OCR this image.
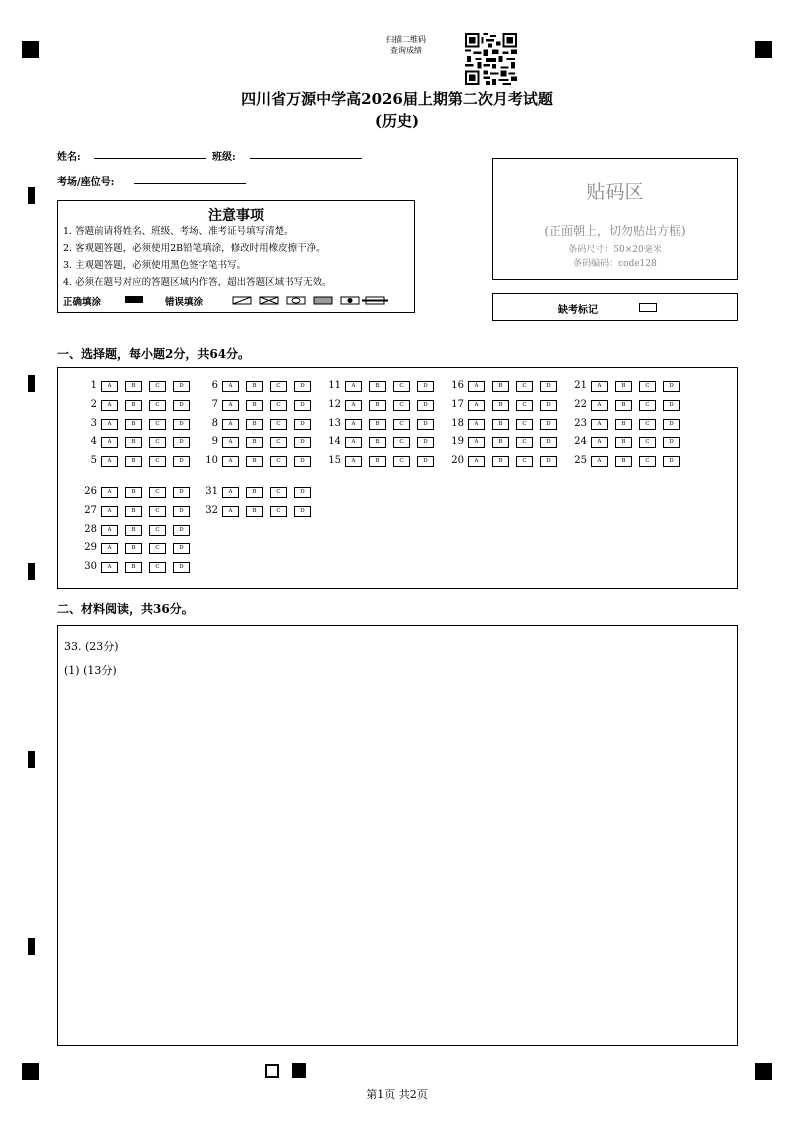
扫描二维码
查询成绩
四川省万源中学高2026届上期第二次月考试题
(历史)
姓名:	班级:
考场/座位号:
注意事项
1. 答题前请将姓名、班级、考场、准考证号填写清楚。
2. 客观题答题，必须使用2B铅笔填涂，修改时用橡皮擦干净。
3. 主观题答题，必须使用黑色签字笔书写。
4. 必须在题号对应的答题区域内作答，超出答题区域书写无效。
正确填涂	错误填涂
贴码区
(正面朝上，切勿贴出方框)
条码尺寸：50×20毫米
条码编码：code128
缺考标记
一、选择题，每小题2分，共64分。
1	A	B	C	D
2	A	B	C	D
3	A	B	C	D
4	A	B	C	D
5	A	B	C	D
6	A	B	C	D
7	A	B	C	D
8	A	B	C	D
9	A	B	C	D
10	A	B	C	D
11	A	B	C	D
12	A	B	C	D
13	A	B	C	D
14	A	B	C	D
15	A	B	C	D
16	A	B	C	D
17	A	B	C	D
18	A	B	C	D
19	A	B	C	D
20	A	B	C	D
21	A	B	C	D
22	A	B	C	D
23	A	B	C	D
24	A	B	C	D
25	A	B	C	D
26	A	B	C	D
27	A	B	C	D
28	A	B	C	D
29	A	B	C	D
30	A	B	C	D
31	A	B	C	D
32	A	B	C	D
二、材料阅读，共36分。
33. (23分)
(1) (13分)
第1页 共2页
